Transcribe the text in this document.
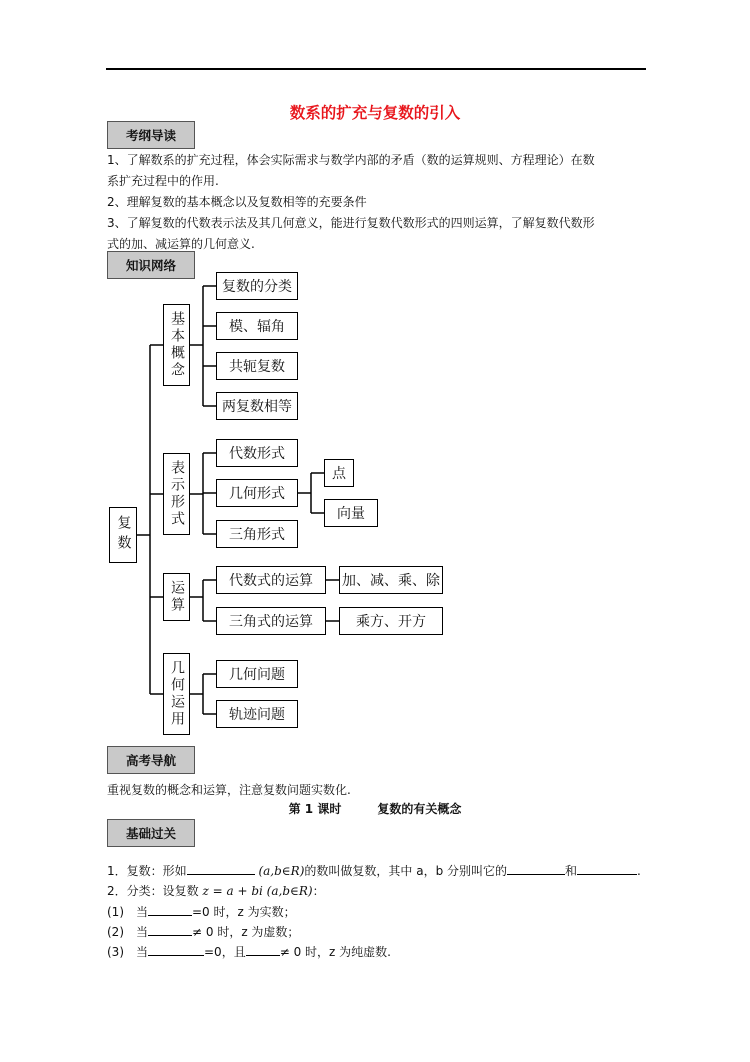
数系的扩充与复数的引入
考纲导读
1、了解数系的扩充过程，体会实际需求与数学内部的矛盾（数的运算规则、方程理论）在数
系扩充过程中的作用.
2、理解复数的基本概念以及复数相等的充要条件
3、了解复数的代数表示法及其几何意义，能进行复数代数形式的四则运算，了解复数代数形
式的加、减运算的几何意义.
知识网络
复数
基本概念
复数的分类
模、辐角
共轭复数
两复数相等
表示形式
代数形式
几何形式
三角形式
点
向量
运算	代数式的运算
三角式的运算
加、减、乘、除
乘方、开方
几何运用	几何问题
轨迹问题
高考导航
重视复数的概念和运算，注意复数问题实数化.
第 1 课时	复数的有关概念
基础过关
1．复数：形如	(a,b∈R)的数叫做复数，其中 a，b 分别叫它的	和	.
2．分类：设复数 z = a + bi (a,b∈R)：
(1)　当	=0 时，z 为实数；
(2)　当	≠ 0 时，z 为虚数；
(3)　当	=0，且	≠ 0 时，z 为纯虚数.
